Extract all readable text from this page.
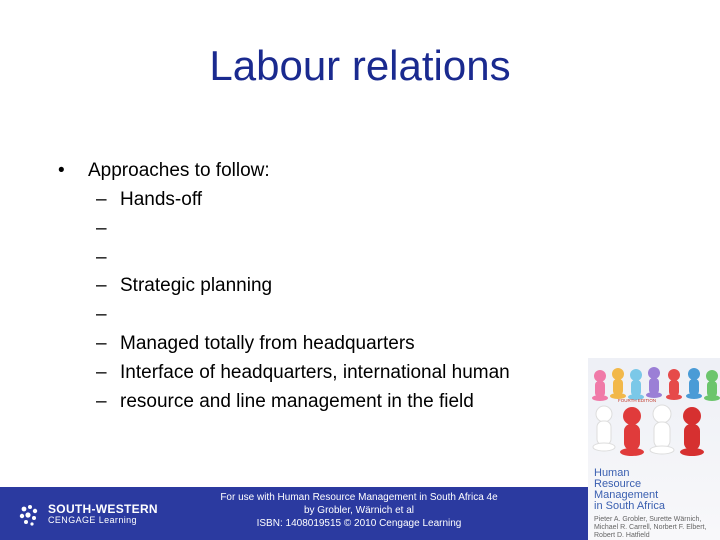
Labour relations
•	Approaches to follow:
– Hands-off
–
–
– Strategic planning
–
– Managed totally from headquarters
– Interface of headquarters, international human
– resource and line management in the field
SOUTH-WESTERN
CENGAGE Learning
For use with Human Resource Management in South Africa 4e
by Grobler, Wärnich et al
ISBN: 1408019515 © 2010 Cengage Learning
FOURTH EDITION
Human
Resource
Management
in South Africa
Pieter A. Grobler, Surette Wärnich,
Michael R. Carrell, Norbert F. Elbert, Robert D. Hatfield
